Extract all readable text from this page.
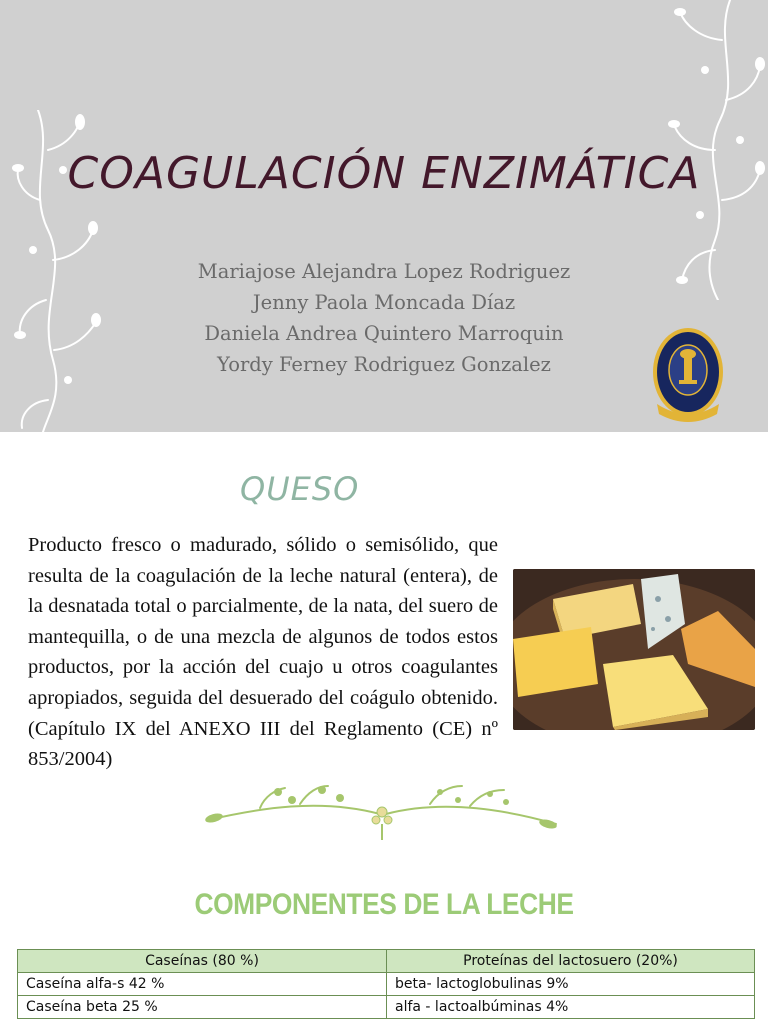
COAGULACIÓN ENZIMÁTICA
Mariajose Alejandra Lopez Rodriguez
Jenny Paola Moncada Díaz
Daniela Andrea Quintero Marroquin
Yordy Ferney Rodriguez Gonzalez
QUESO
Producto fresco o madurado, sólido o semisólido, que resulta de la coagulación de la leche natural (entera), de la desnatada total o parcialmente, de la nata, del suero de mantequilla, o de una mezcla de algunos de todos estos productos, por la acción del cuajo u otros coagulantes apropiados, seguida del desuerado del coágulo obtenido. (Capítulo IX del ANEXO III del Reglamento (CE) nº 853/2004)
COMPONENTES DE LA LECHE
Caseínas (80 %)	Proteínas del lactosuero (20%)
Caseína alfa-s 42 %	beta- lactoglobulinas 9%
Caseína beta 25 %	alfa - lactoalbúminas 4%
